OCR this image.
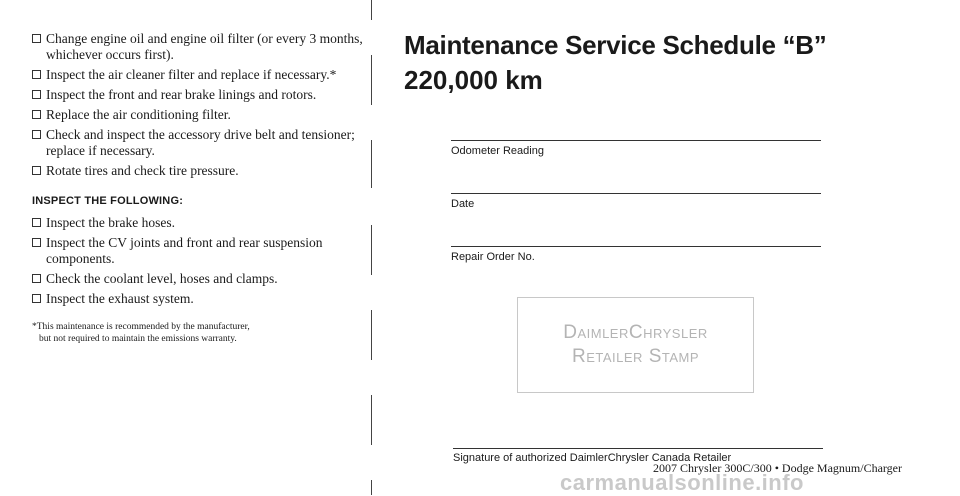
Change engine oil and engine oil filter (or every 3 months,
whichever occurs first).
Inspect the air cleaner filter and replace if necessary.*
Inspect the front and rear brake linings and rotors.
Replace the air conditioning filter.
Check and inspect the accessory drive belt and tensioner;
replace if necessary.
Rotate tires and check tire pressure.
INSPECT THE FOLLOWING:
Inspect the brake hoses.
Inspect the CV joints and front and rear suspension
components.
Check the coolant level, hoses and clamps.
Inspect the exhaust system.
*This maintenance is recommended by the manufacturer,
but not required to maintain the emissions warranty.
Maintenance Service Schedule “B”
220,000 km
Odometer Reading
Date
Repair Order No.
DaimlerChrysler
Retailer Stamp
Signature of authorized DaimlerChrysler Canada Retailer
2007 Chrysler 300C/300 • Dodge Magnum/Charger
carmanualsonline.info
